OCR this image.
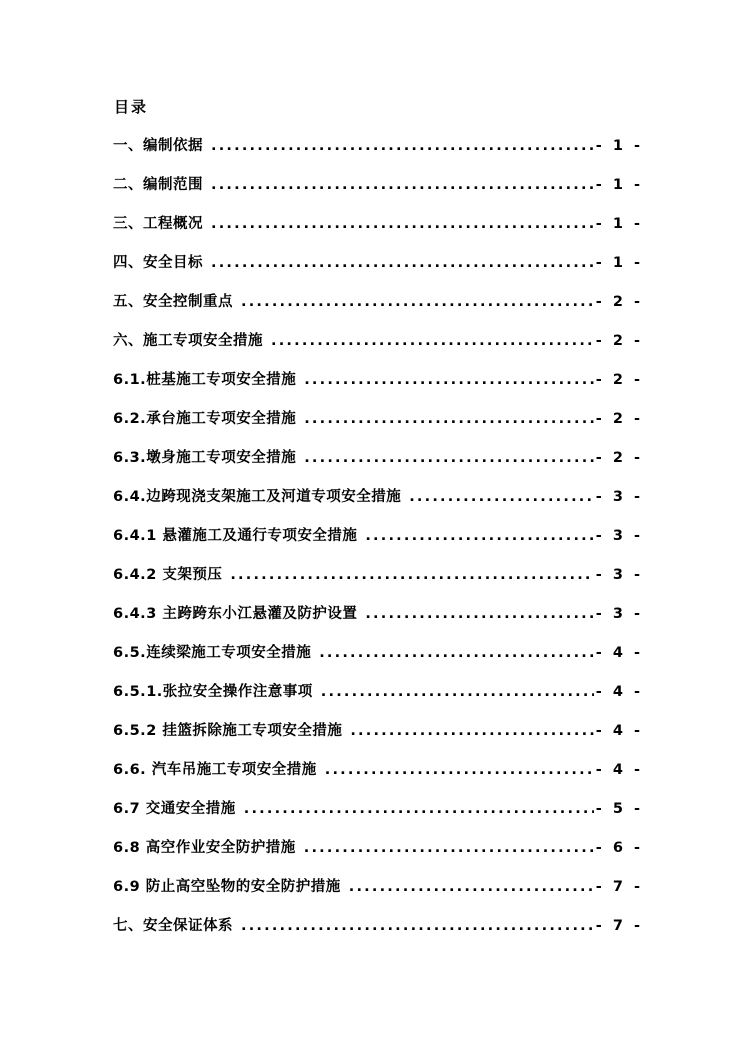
目录
一、编制依据 .....	- 1 -
二、编制范围 .....	- 1 -
三、工程概况 .....	- 1 -
四、安全目标 .....	- 1 -
五、安全控制重点 .....	- 2 -
六、施工专项安全措施 .....	- 2 -
6.1.桩基施工专项安全措施 .....	- 2 -
6.2.承台施工专项安全措施 .....	- 2 -
6.3.墩身施工专项安全措施 .....	- 2 -
6.4.边跨现浇支架施工及河道专项安全措施 .....	- 3 -
6.4.1 悬灌施工及通行专项安全措施 .....	- 3 -
6.4.2 支架预压 .....	- 3 -
6.4.3 主跨跨东小江悬灌及防护设置 .....	- 3 -
6.5.连续梁施工专项安全措施 .....	- 4 -
6.5.1.张拉安全操作注意事项 .....	- 4 -
6.5.2 挂篮拆除施工专项安全措施 .....	- 4 -
6.6. 汽车吊施工专项安全措施 .....	- 4 -
6.7 交通安全措施 .....	- 5 -
6.8 高空作业安全防护措施 .....	- 6 -
6.9 防止高空坠物的安全防护措施 .....	- 7 -
七、安全保证体系 .....	- 7 -
